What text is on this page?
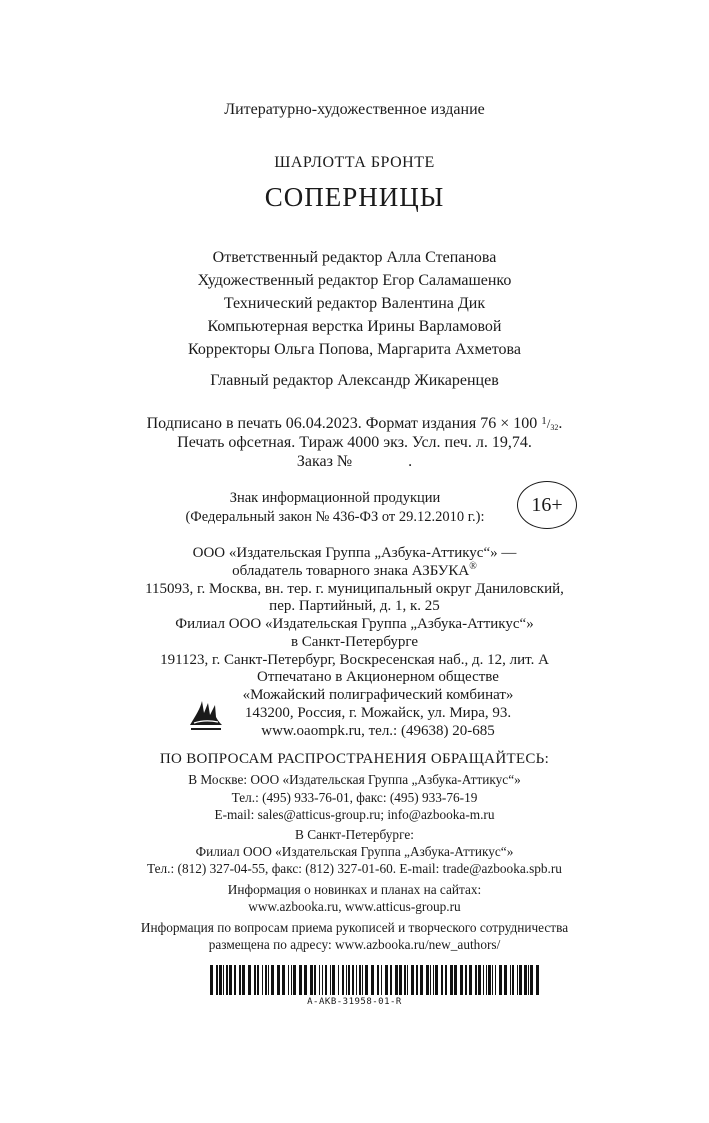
Литературно-художественное издание
ШАРЛОТТА БРОНТЕ
СОПЕРНИЦЫ
Ответственный редактор Алла Степанова
Художественный редактор Егор Саламашенко
Технический редактор Валентина Дик
Компьютерная верстка Ирины Варламовой
Корректоры Ольга Попова, Маргарита Ахметова
Главный редактор Александр Жикаренцев
Подписано в печать 06.04.2023. Формат издания 76 × 100 $^1$/32.
Печать офсетная. Тираж 4000 экз. Усл. печ. л. 19,74.
Заказ №	.
Знак информационной продукции
(Федеральный закон № 436-ФЗ от 29.12.2010 г.):
16+
ООО «Издательская Группа „Азбука-Аттикус“» —
обладатель товарного знака АЗБУКА®
115093, г. Москва, вн. тер. г. муниципальный округ Даниловский,
пер. Партийный, д. 1, к. 25
Филиал ООО «Издательская Группа „Азбука-Аттикус“»
в Санкт-Петербурге
191123, г. Санкт-Петербург, Воскресенская наб., д. 12, лит. А
Отпечатано в Акционерном обществе
«Можайский полиграфический комбинат»
143200, Россия, г. Можайск, ул. Мира, 93.
www.oaompk.ru, тел.: (49638) 20-685
ПО ВОПРОСАМ РАСПРОСТРАНЕНИЯ ОБРАЩАЙТЕСЬ:
В Москве: ООО «Издательская Группа „Азбука-Аттикус“»
Тел.: (495) 933-76-01, факс: (495) 933-76-19
E-mail: sales@atticus-group.ru; info@azbooka-m.ru
В Санкт-Петербурге:
Филиал ООО «Издательская Группа „Азбука-Аттикус“»
Тел.: (812) 327-04-55, факс: (812) 327-01-60. E-mail: trade@azbooka.spb.ru
Информация о новинках и планах на сайтах:
www.azbooka.ru, www.atticus-group.ru
Информация по вопросам приема рукописей и творческого сотрудничества
размещена по адресу: www.azbooka.ru/new_authors/
A-AKB-31958-01-R
